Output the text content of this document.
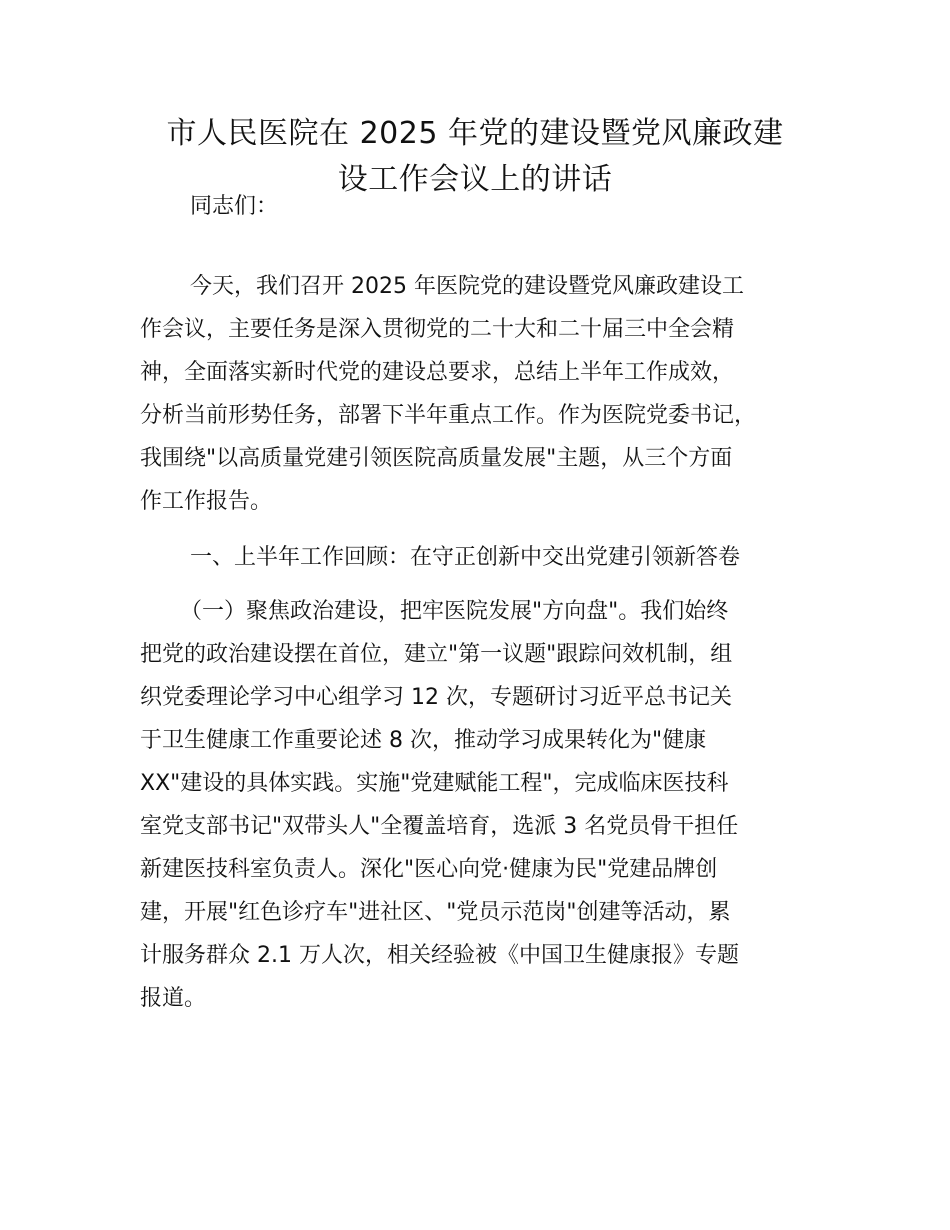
市人民医院在 2025 年党的建设暨党风廉政建
设工作会议上的讲话

同志们：

今天，我们召开 2025 年医院党的建设暨党风廉政建设工

作会议，主要任务是深入贯彻党的二十大和二十届三中全会精

神，全面落实新时代党的建设总要求，总结上半年工作成效，

分析当前形势任务，部署下半年重点工作。作为医院党委书记，

我围绕"以高质量党建引领医院高质量发展"主题，从三个方面

作工作报告。

一、上半年工作回顾：在守正创新中交出党建引领新答卷

（一）聚焦政治建设，把牢医院发展"方向盘"。我们始终

把党的政治建设摆在首位，建立"第一议题"跟踪问效机制，组

织党委理论学习中心组学习 12 次，专题研讨习近平总书记关

于卫生健康工作重要论述 8 次，推动学习成果转化为"健康

XX"建设的具体实践。实施"党建赋能工程"，完成临床医技科

室党支部书记"双带头人"全覆盖培育，选派 3 名党员骨干担任

新建医技科室负责人。深化"医心向党·健康为民"党建品牌创

建，开展"红色诊疗车"进社区、"党员示范岗"创建等活动，累

计服务群众 2.1 万人次，相关经验被《中国卫生健康报》专题

报道。
